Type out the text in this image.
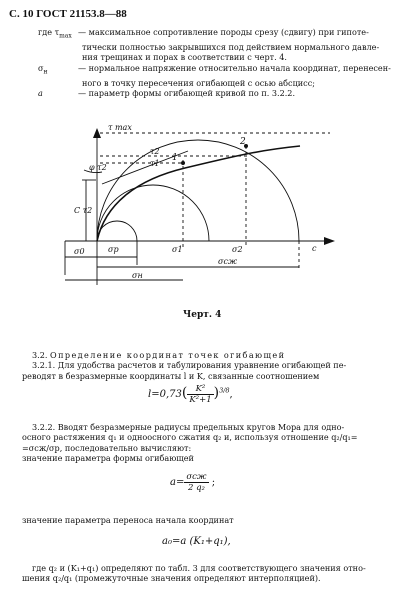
С. 10 ГОСТ 21153.8—88
где $\tau_{max}$ — максимальное сопротивление породы срезу (сдвигу) при гипоте-
тически полностью закрывшихся под действием нормального давле-
ния трещинах и порах в соответствии с черт. 4.
$\sigma_н$	— нормальное напряжение относительно начала координат, перенесен-
ного в точку пересечения огибающей с осью абсцисс;
a	— параметр формы огибающей кривой по п. 3.2.2.
τ max
τ2
τ1
1
2
φ τ2
C τ2
σp
σ0	σ1	σ2
σсж
σн
c
Черт. 4
3.2. Определение координат точек огибающей
3.2.1. Для удобства расчетов и табулирования уравнение огибающей пе-
реводят в безразмерные координаты l и K, связанные соотношением
$l=0,73( \frac{\text{K²}}{\text{K²+1}} )^{3/8}$,
3.2.2. Вводят безразмерные радиусы предельных кругов Мора для одно-
осного растяжения q₁ и одноосного сжатия q₂ и, используя отношение q₂/q₁=
=σсж/σр, последовательно вычисляют:
значение параметра формы огибающей
$a= \frac{\text{σсж}}{\text{2 q₂}}$ ;
значение параметра переноса начала координат
a₀=a (K₁+q₁),
где q₂ и (K₁+q₁) определяют по табл. 3 для соответствующего значения отно-
шения q₂/q₁ (промежуточные значения определяют интерполяцией).
